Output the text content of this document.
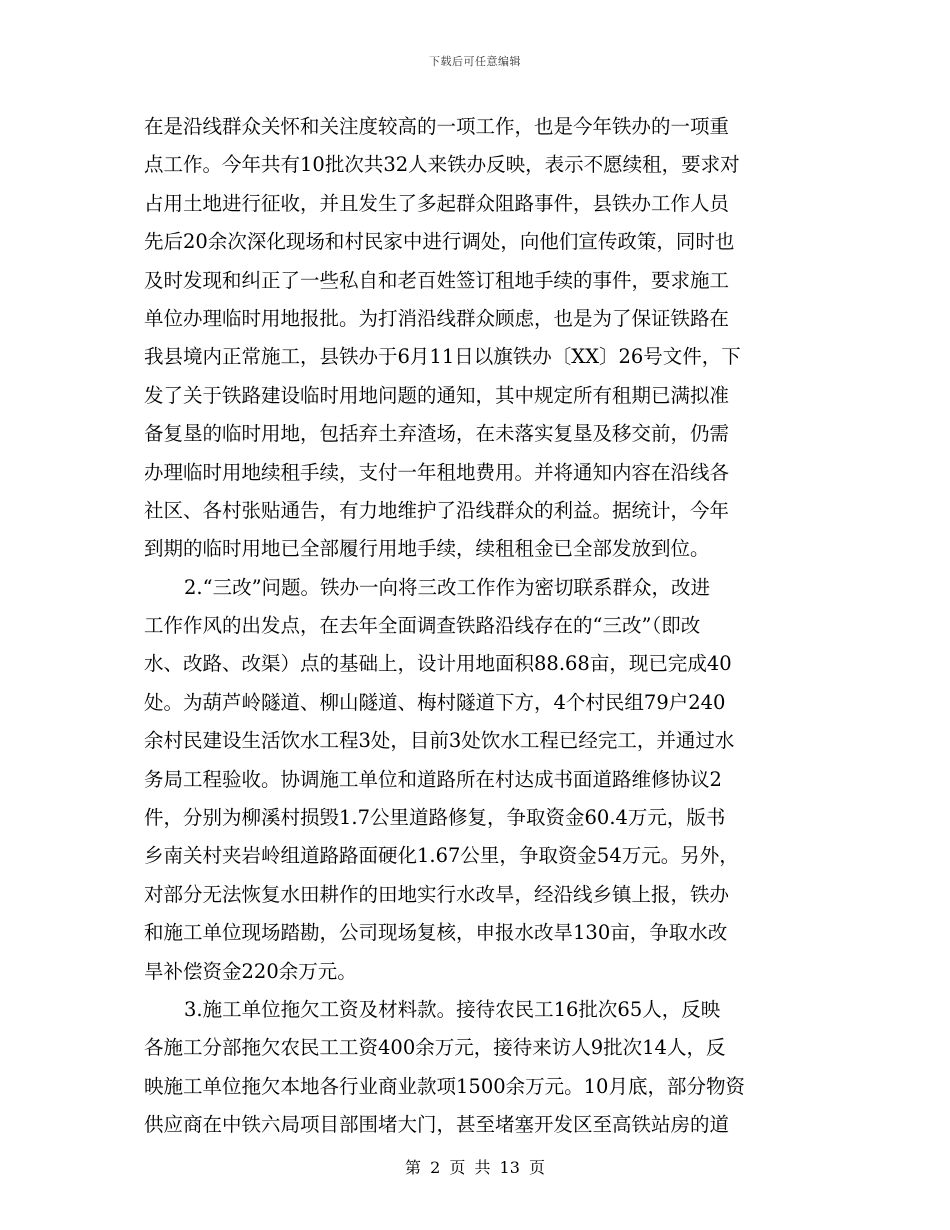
下载后可任意编辑
在是沿线群众关怀和关注度较高的一项工作，也是今年铁办的一项重
点工作。今年共有10批次共32人来铁办反映，表示不愿续租，要求对
占用土地进行征收，并且发生了多起群众阻路事件，县铁办工作人员
先后20余次深化现场和村民家中进行调处，向他们宣传政策，同时也
及时发现和纠正了一些私自和老百姓签订租地手续的事件，要求施工
单位办理临时用地报批。为打消沿线群众顾虑，也是为了保证铁路在
我县境内正常施工，县铁办于6月11日以旗铁办〔XX〕26号文件，下
发了关于铁路建设临时用地问题的通知，其中规定所有租期已满拟准
备复垦的临时用地，包括弃土弃渣场，在未落实复垦及移交前，仍需
办理临时用地续租手续，支付一年租地费用。并将通知内容在沿线各
社区、各村张贴通告，有力地维护了沿线群众的利益。据统计，今年
到期的临时用地已全部履行用地手续，续租租金已全部发放到位。
2.“三改”问题。铁办一向将三改工作作为密切联系群众，改进
工作作风的出发点，在去年全面调查铁路沿线存在的“三改”（即改
水、改路、改渠）点的基础上，设计用地面积88.68亩，现已完成40
处。为葫芦岭隧道、柳山隧道、梅村隧道下方，4个村民组79户240
余村民建设生活饮水工程3处，目前3处饮水工程已经完工，并通过水
务局工程验收。协调施工单位和道路所在村达成书面道路维修协议2
件，分别为柳溪村损毁1.7公里道路修复，争取资金60.4万元，版书
乡南关村夹岩岭组道路路面硬化1.67公里，争取资金54万元。另外，
对部分无法恢复水田耕作的田地实行水改旱，经沿线乡镇上报，铁办
和施工单位现场踏勘，公司现场复核，申报水改旱130亩，争取水改
旱补偿资金220余万元。
3.施工单位拖欠工资及材料款。接待农民工16批次65人，反映
各施工分部拖欠农民工工资400余万元，接待来访人9批次14人，反
映施工单位拖欠本地各行业商业款项1500余万元。10月底，部分物资
供应商在中铁六局项目部围堵大门，甚至堵塞开发区至高铁站房的道
第 2 页 共 13 页
